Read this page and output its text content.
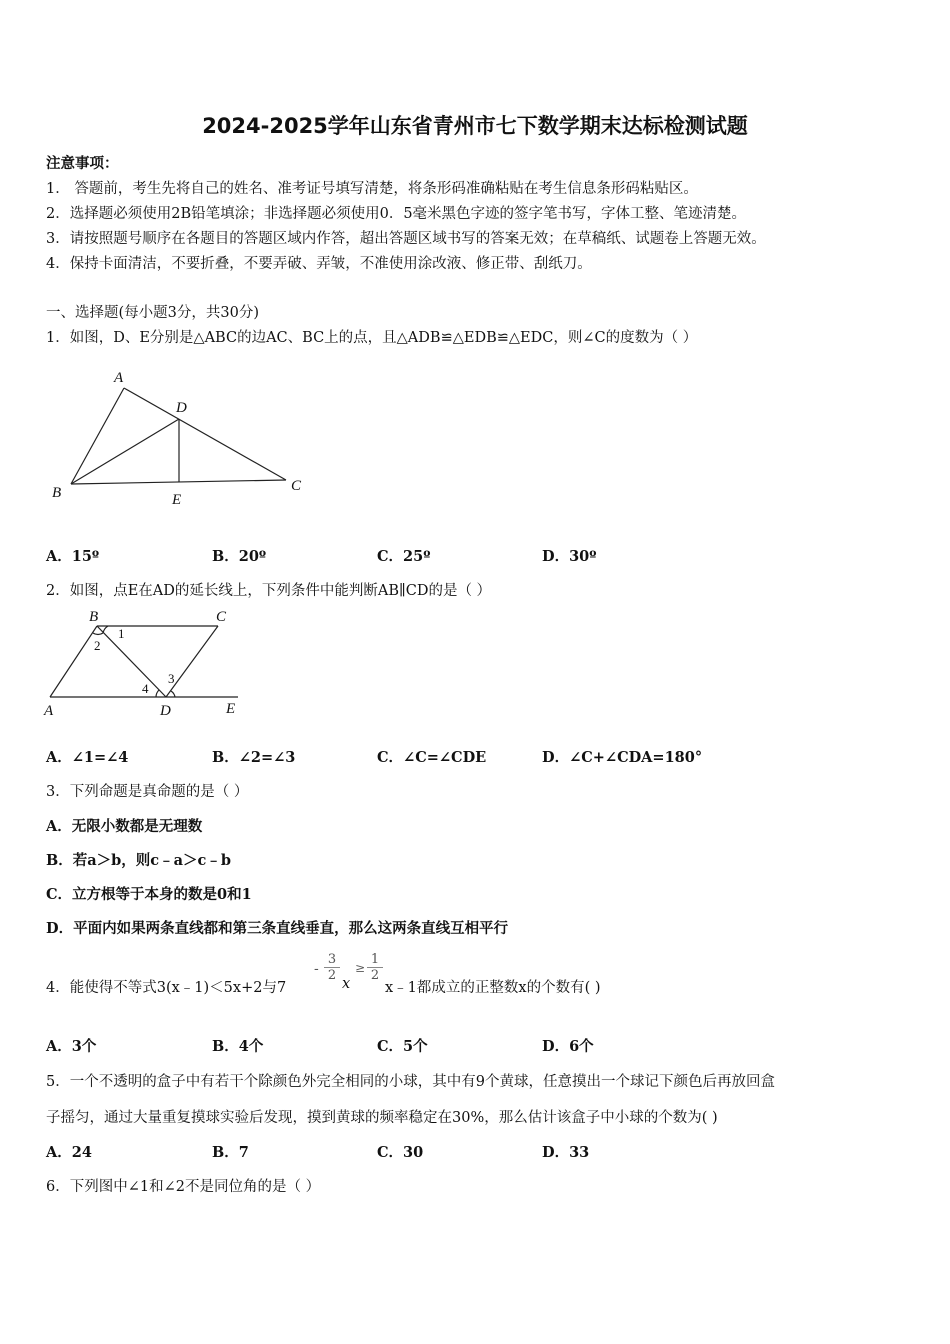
2024-2025学年山东省青州市七下数学期末达标检测试题
注意事项：
1． 答题前，考生先将自己的姓名、准考证号填写清楚，将条形码准确粘贴在考生信息条形码粘贴区。
2．选择题必须使用2B铅笔填涂；非选择题必须使用0．5毫米黑色字迹的签字笔书写，字体工整、笔迹清楚。
3．请按照题号顺序在各题目的答题区域内作答，超出答题区域书写的答案无效；在草稿纸、试题卷上答题无效。
4．保持卡面清洁，不要折叠，不要弄破、弄皱，不准使用涂改液、修正带、刮纸刀。
一、选择题(每小题3分，共30分)
1．如图，D、E分别是△ABC的边AC、BC上的点，且△ADB≌△EDB≌△EDC，则∠C的度数为（ ）
A
B	C
D
E
A．15º	B．20º	C．25º	D．30º
2．如图，点E在AD的延长线上，下列条件中能判断AB∥CD的是（ ）
B	C
A	D	E
1
2
3
4
A．∠1=∠4	B．∠2=∠3	C．∠C=∠CDE	D．∠C+∠CDA=180°
3．下列命题是真命题的是（ ）
A．无限小数都是无理数
B．若a＞b，则c﹣a＞c﹣b
C．立方根等于本身的数是0和1
D．平面内如果两条直线都和第三条直线垂直，那么这两条直线互相平行
4．能使得不等式3(x﹣1)＜5x+2与7
- $\frac{3}{2}$
x
≥ $\frac{1}{2}$
x﹣1都成立的正整数x的个数有( )
A．3个	B．4个	C．5个	D．6个
5．一个不透明的盒子中有若干个除颜色外完全相同的小球，其中有9个黄球，任意摸出一个球记下颜色后再放回盒
子摇匀，通过大量重复摸球实验后发现，摸到黄球的频率稳定在30%，那么估计该盒子中小球的个数为( )
A．24	B．7	C．30	D．33
6．下列图中∠1和∠2不是同位角的是（ ）
